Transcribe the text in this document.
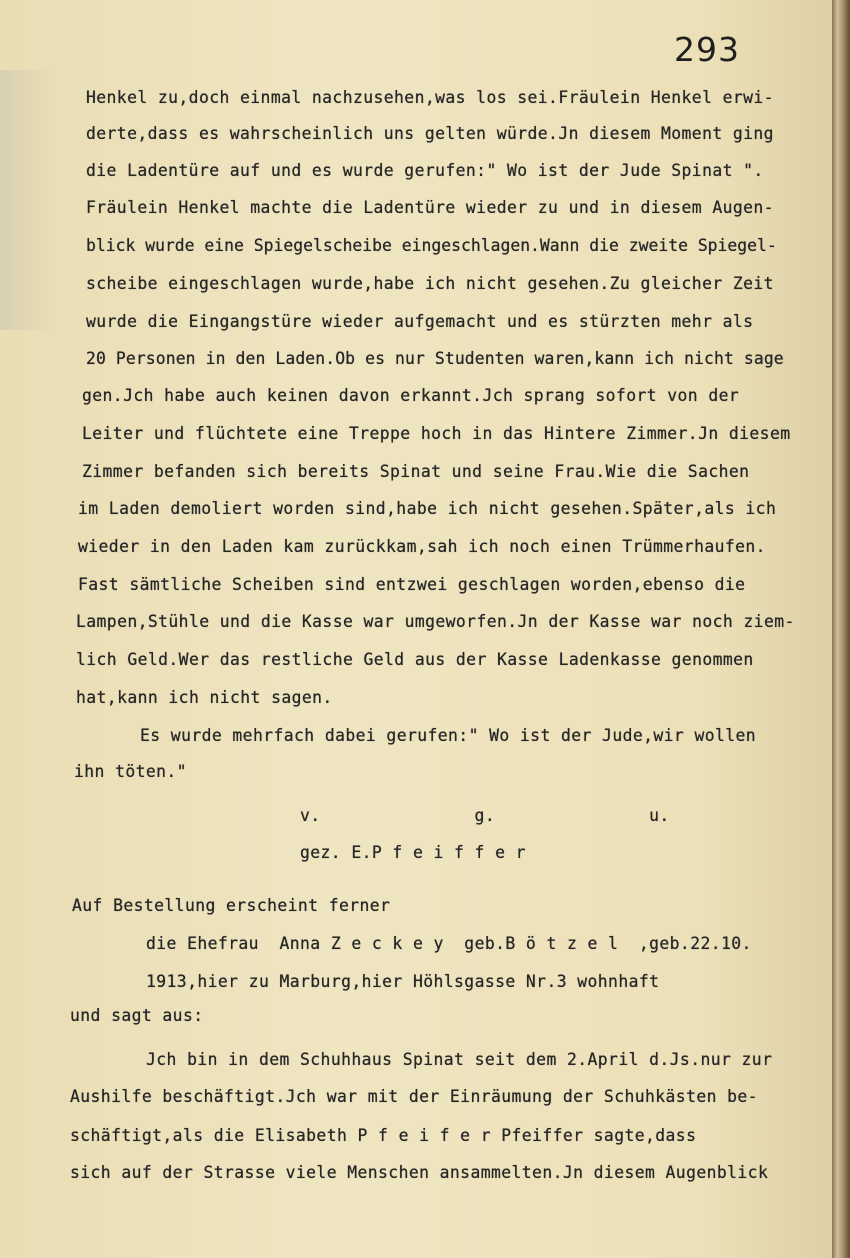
293
Henkel zu,doch einmal nachzusehen,was los sei.Fräulein Henkel erwi-
derte,dass es wahrscheinlich uns gelten würde.Jn diesem Moment ging
die Ladentüre auf und es wurde gerufen:" Wo ist der Jude Spinat ".
Fräulein Henkel machte die Ladentüre wieder zu und in diesem Augen-
blick wurde eine Spiegelscheibe eingeschlagen.Wann die zweite Spiegel-
scheibe eingeschlagen wurde,habe ich nicht gesehen.Zu gleicher Zeit
wurde die Eingangstüre wieder aufgemacht und es stürzten mehr als
20 Personen in den Laden.Ob es nur Studenten waren,kann ich nicht sage
gen.Jch habe auch keinen davon erkannt.Jch sprang sofort von der
Leiter und flüchtete eine Treppe hoch in das Hintere Zimmer.Jn diesem
Zimmer befanden sich bereits Spinat und seine Frau.Wie die Sachen
im Laden demoliert worden sind,habe ich nicht gesehen.Später,als ich
wieder in den Laden kam zurückkam,sah ich noch einen Trümmerhaufen.
Fast sämtliche Scheiben sind entzwei geschlagen worden,ebenso die
Lampen,Stühle und die Kasse war umgeworfen.Jn der Kasse war noch ziem-
lich Geld.Wer das restliche Geld aus der Kasse Ladenkasse genommen
hat,kann ich nicht sagen.
Es wurde mehrfach dabei gerufen:" Wo ist der Jude,wir wollen
ihn töten."
v.               g.               u.
gez. E.P f e i f f e r
Auf Bestellung erscheint ferner
die Ehefrau  Anna Z e c k e y  geb.B ö t z e l  ,geb.22.10.
1913,hier zu Marburg,hier Höhlsgasse Nr.3 wohnhaft
und sagt aus:
Jch bin in dem Schuhhaus Spinat seit dem 2.April d.Js.nur zur
Aushilfe beschäftigt.Jch war mit der Einräumung der Schuhkästen be-
schäftigt,als die Elisabeth P f e i f e r Pfeiffer sagte,dass
sich auf der Strasse viele Menschen ansammelten.Jn diesem Augenblick
